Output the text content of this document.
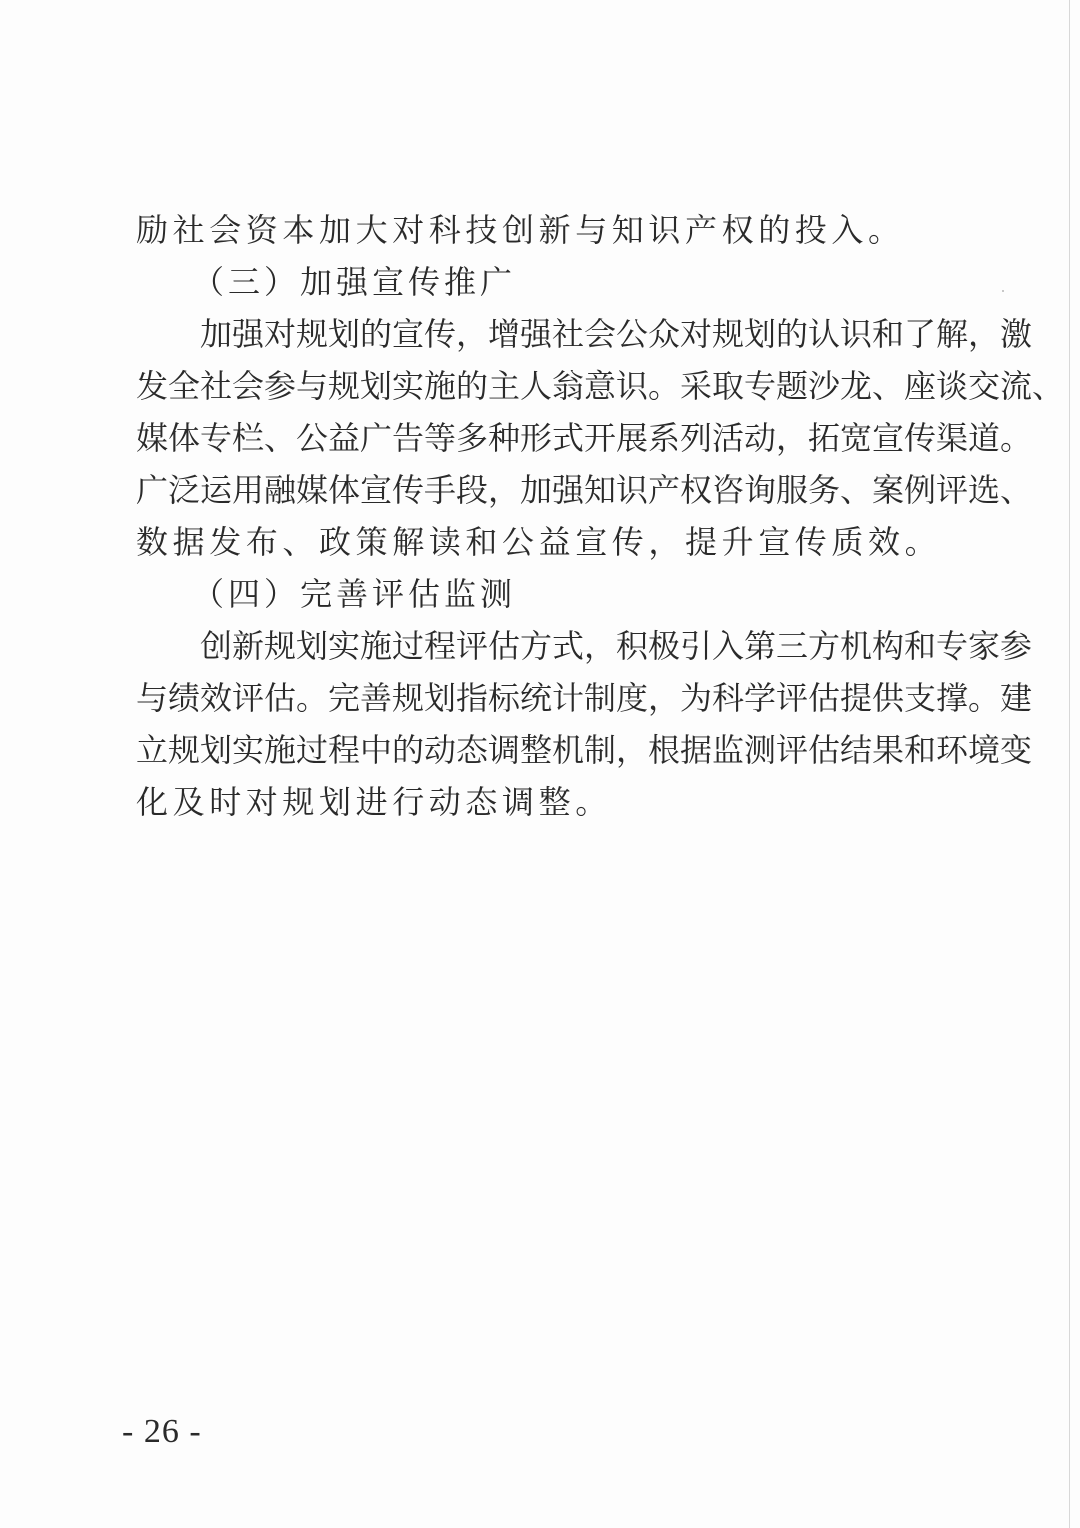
励社会资本加大对科技创新与知识产权的投入。

（三）加强宣传推广

加强对规划的宣传，增强社会公众对规划的认识和了解，激

发全社会参与规划实施的主人翁意识。采取专题沙龙、座谈交流、

媒体专栏、公益广告等多种形式开展系列活动，拓宽宣传渠道。

广泛运用融媒体宣传手段，加强知识产权咨询服务、案例评选、

数据发布、政策解读和公益宣传，提升宣传质效。

（四）完善评估监测

创新规划实施过程评估方式，积极引入第三方机构和专家参

与绩效评估。完善规划指标统计制度，为科学评估提供支撑。建

立规划实施过程中的动态调整机制，根据监测评估结果和环境变

化及时对规划进行动态调整。

- 26 -
